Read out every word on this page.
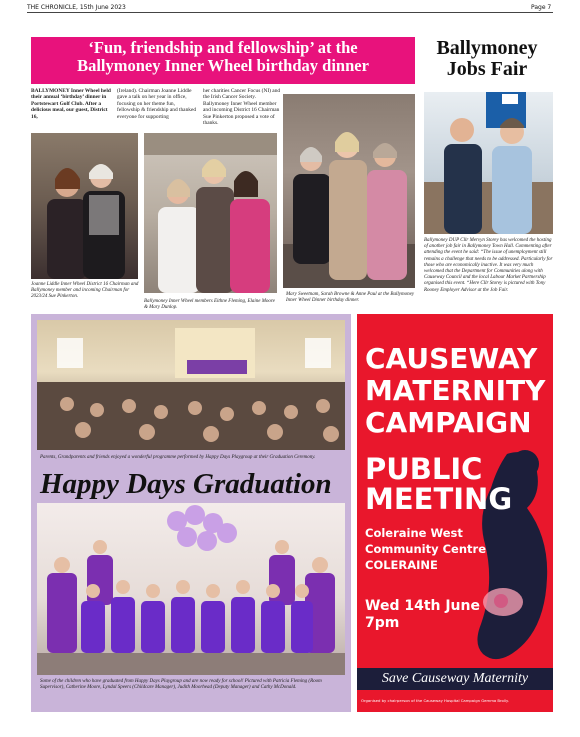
THE CHRONICLE, 15th June 2023	Page 7
‘Fun, friendship and fellowship’ at the
Ballymoney Inner Wheel birthday dinner
BALLYMONEY Inner Wheel held their annual ‘birthday’ dinner in Portstewart Golf Club. After a delicious meal, our guest, District 16,
(Ireland). Chairman Joanne Liddle gave a talk on her year in office, focusing on her theme fun, fellowship & friendship and thanked everyone for supporting
her charities Cancer Focus (NI) and the Irish Cancer Society. Ballymoney Inner Wheel member and incoming District 16 Chairman Sue Pinkerton proposed a vote of thanks.
Joanne Liddle Inner Wheel District 16 Chairman and Ballymoney member and incoming Chairman for 2023/24 Sue Pinkerton.
Ballymoney Inner Wheel members Eithne Fleming, Elaine Moore & Mary Dunlop.
Mary Sweetnam, Sarah Browne & Anne Paul at the Ballymoney Inner Wheel Dinner birthday dinner.
Ballymoney
Jobs Fair
Ballymoney DUP Cllr Mervyn Storey has welcomed the hosting of another job fair in Ballymoney Town Hall. Commenting after attending the event he said: “The issue of unemployment still remains a challenge that needs to be addressed. Particularly for those who are economically inactive. It was very much welcomed that the Department for Communities along with Causeway Council and the local Labour Market Partnership organised this event. “Here Cllr Storey is pictured with Tony Rooney Employer Advisor at the Job Fair.
Parents, Grandparents and friends enjoyed a wonderful programme performed by Happy Days Playgroup at their Graduation Ceremony.
Happy Days Graduation
Some of the children who have graduated from Happy Days Playgroup and are now ready for school! Pictured with Patricia Fleming (Room Supervisor), Catherine Moore, Lyndal Speers (Childcare Manager), Judith Moorhead (Deputy Manager) and Cathy McDonald.
CAUSEWAY
MATERNITY
CAMPAIGN
PUBLIC
MEETING
Coleraine West
Community Centre
COLERAINE
Wed 14th June
7pm
Save Causeway Maternity
Organised by chairperson of the Causeway Hospital Campaign Gemma Brolly.
